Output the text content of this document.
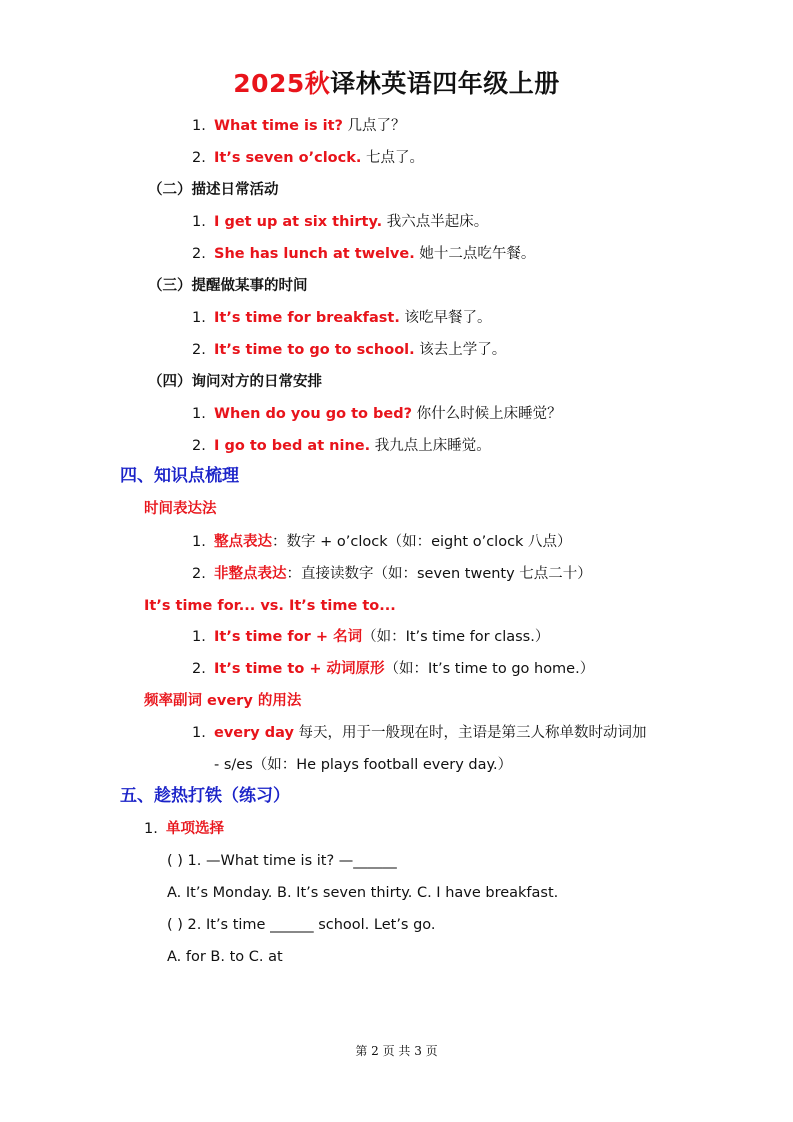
2025秋译林英语四年级上册
1. What time is it? 几点了？
2. It’s seven o’clock. 七点了。
（二）描述日常活动
1. I get up at six thirty. 我六点半起床。
2. She has lunch at twelve. 她十二点吃午餐。
（三）提醒做某事的时间
1. It’s time for breakfast. 该吃早餐了。
2. It’s time to go to school. 该去上学了。
（四）询问对方的日常安排
1. When do you go to bed? 你什么时候上床睡觉？
2. I go to bed at nine. 我九点上床睡觉。
四、知识点梳理
时间表达法
1. 整点表达：数字 + o’clock（如：eight o’clock 八点）
2. 非整点表达：直接读数字（如：seven twenty 七点二十）
It’s time for... vs. It’s time to...
1. It’s time for + 名词（如：It’s time for class.）
2. It’s time to + 动词原形（如：It’s time to go home.）
频率副词 every 的用法
1. every day 每天，用于一般现在时，主语是第三人称单数时动词加
- s/es（如：He plays football every day.）
五、趁热打铁（练习）
1. 单项选择
( ) 1. —What time is it? —______
A. It’s Monday. B. It’s seven thirty. C. I have breakfast.
( ) 2. It’s time ______ school. Let’s go.
A. for B. to C. at
第 2 页 共 3 页
